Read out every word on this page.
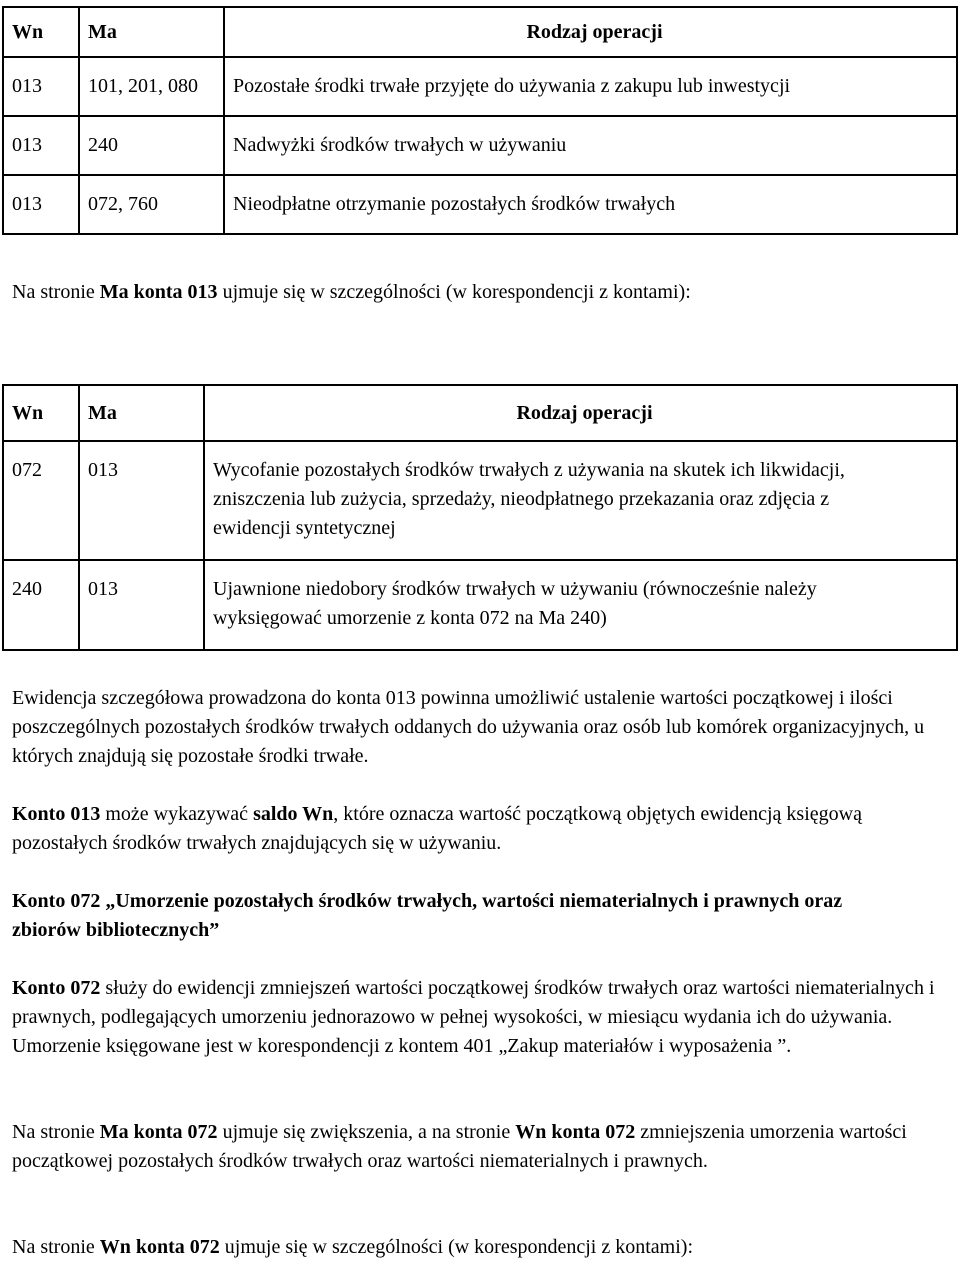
Wn	Ma	Rodzaj operacji
013	101, 201, 080	Pozostałe środki trwałe przyjęte do używania z zakupu lub inwestycji
013	240	Nadwyżki środków trwałych w używaniu
013	072, 760	Nieodpłatne otrzymanie pozostałych środków trwałych

Na stronie Ma konta 013 ujmuje się w szczególności (w korespondencji z kontami):

Wn	Ma	Rodzaj operacji
072	013	Wycofanie pozostałych środków trwałych z używania na skutek ich likwidacji, zniszczenia lub zużycia, sprzedaży, nieodpłatnego przekazania oraz zdjęcia z ewidencji syntetycznej
240	013	Ujawnione niedobory środków trwałych w używaniu (równocześnie należy wyksięgować umorzenie z konta 072 na Ma 240)

Ewidencja szczegółowa prowadzona do konta 013 powinna umożliwić ustalenie wartości początkowej i ilości poszczególnych pozostałych środków trwałych oddanych do używania oraz osób lub komórek organizacyjnych, u których znajdują się pozostałe środki trwałe.

Konto 013 może wykazywać saldo Wn, które oznacza wartość początkową objętych ewidencją księgową pozostałych środków trwałych znajdujących się w używaniu.

Konto 072 „Umorzenie pozostałych środków trwałych, wartości niematerialnych i prawnych oraz zbiorów bibliotecznych”

Konto 072 służy do ewidencji zmniejszeń wartości początkowej środków trwałych oraz wartości niematerialnych i prawnych, podlegających umorzeniu jednorazowo w pełnej wysokości, w miesiącu wydania ich do używania. Umorzenie księgowane jest w korespondencji z kontem 401 „Zakup materiałów i wyposażenia ”.

Na stronie Ma konta 072 ujmuje się zwiększenia, a na stronie Wn konta 072 zmniejszenia umorzenia wartości początkowej pozostałych środków trwałych oraz wartości niematerialnych i prawnych.

Na stronie Wn konta 072 ujmuje się w szczególności (w korespondencji z kontami):
